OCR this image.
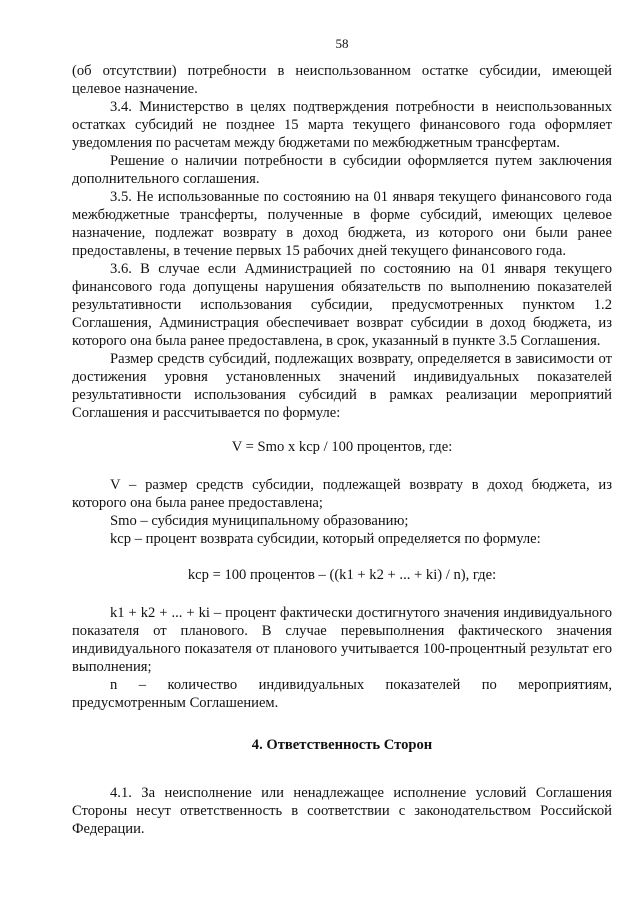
58

(об отсутствии) потребности в неиспользованном остатке субсидии, имеющей целевое назначение.

3.4. Министерство в целях подтверждения потребности в неиспользованных остатках субсидий не позднее 15 марта текущего финансового года оформляет уведомления по расчетам между бюджетами по межбюджетным трансфертам.

Решение о наличии потребности в субсидии оформляется путем заключения дополнительного соглашения.

3.5. Не использованные по состоянию на 01 января текущего финансового года межбюджетные трансферты, полученные в форме субсидий, имеющих целевое назначение, подлежат возврату в доход бюджета, из которого они были ранее предоставлены, в течение первых 15 рабочих дней текущего финансового года.

3.6. В случае если Администрацией по состоянию на 01 января текущего финансового года допущены нарушения обязательств по выполнению показателей результативности использования субсидии, предусмотренных пунктом 1.2 Соглашения, Администрация обеспечивает возврат субсидии в доход бюджета, из которого она была ранее предоставлена, в срок, указанный в пункте 3.5 Соглашения.

Размер средств субсидий, подлежащих возврату, определяется в зависимости от достижения уровня установленных значений индивидуальных показателей результативности использования субсидий в рамках реализации мероприятий Соглашения и рассчитывается по формуле:

V = Smo x kcp / 100 процентов, где:

V – размер средств субсидии, подлежащей возврату в доход бюджета, из которого она была ранее предоставлена;

Smo – субсидия муниципальному образованию;

kcp – процент возврата субсидии, который определяется по формуле:

kcp = 100 процентов – ((k1 + k2 + ... + ki) / n), где:

k1 + k2 + ... + ki – процент фактически достигнутого значения индивидуального показателя от планового. В случае перевыполнения фактического значения индивидуального показателя от планового учитывается 100-процентный результат его выполнения;

n – количество индивидуальных показателей по мероприятиям, предусмотренным Соглашением.

4. Ответственность Сторон

4.1. За неисполнение или ненадлежащее исполнение условий Соглашения Стороны несут ответственность в соответствии с законодательством Российской Федерации.
